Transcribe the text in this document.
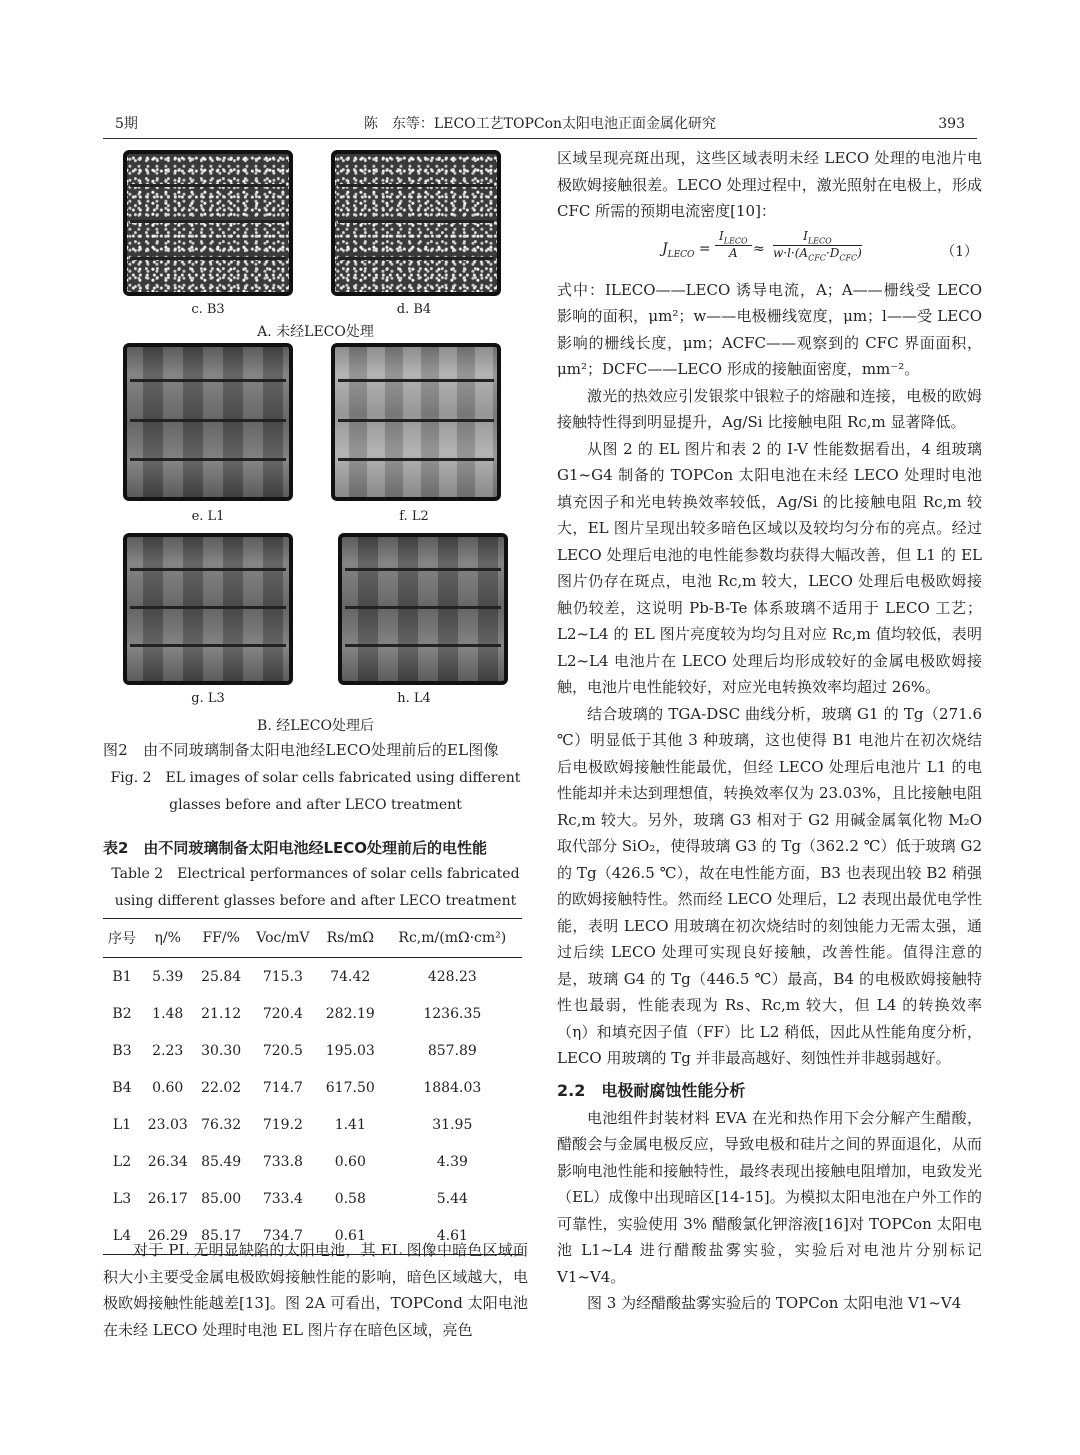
5期	陈　东等：LECO工艺TOPCon太阳电池正面金属化研究	393
c. B3	d. B4
A. 未经LECO处理
e. L1	f. L2
g. L3	h. L4
B. 经LECO处理后
图2　由不同玻璃制备太阳电池经LECO处理前后的EL图像
Fig. 2　EL images of solar cells fabricated using different glasses before and after LECO treatment
表2　由不同玻璃制备太阳电池经LECO处理前后的电性能
Table 2　Electrical performances of solar cells fabricated using different glasses before and after LECO treatment
序号	η/%	FF/%	Voc/mV	Rs/mΩ	Rc,m/(mΩ·cm²)
B1	5.39	25.84	715.3	74.42	428.23
B2	1.48	21.12	720.4	282.19	1236.35
B3	2.23	30.30	720.5	195.03	857.89
B4	0.60	22.02	714.7	617.50	1884.03
L1	23.03	76.32	719.2	1.41	31.95
L2	26.34	85.49	733.8	0.60	4.39
L3	26.17	85.00	733.4	0.58	5.44
L4	26.29	85.17	734.7	0.61	4.61
对于 PL 无明显缺陷的太阳电池，其 EL 图像中暗色区域面积大小主要受金属电极欧姆接触性能的影响，暗色区域越大，电极欧姆接触性能越差[13]。图 2A 可看出，TOPCond 太阳电池在未经 LECO 处理时电池 EL 图片存在暗色区域，亮色
区域呈现亮斑出现，这些区域表明未经 LECO 处理的电池片电极欧姆接触很差。LECO 处理过程中，激光照射在电极上，形成 CFC 所需的预期电流密度[10]：
$J_{LECO}$ =
$I_{LECO}$
A	≈
$I_{LECO}$
$w\cdot l\cdot(A_{CFC}\cdot D_{CFC})$	（1）
式中：ILECO——LECO 诱导电流，A；A——栅线受 LECO 影响的面积，μm²；w——电极栅线宽度，μm；l——受 LECO 影响的栅线长度，μm；ACFC——观察到的 CFC 界面面积，μm²；DCFC——LECO 形成的接触面密度，mm⁻²。
激光的热效应引发银浆中银粒子的熔融和连接，电极的欧姆接触特性得到明显提升，Ag/Si 比接触电阻 Rc,m 显著降低。
从图 2 的 EL 图片和表 2 的 I-V 性能数据看出，4 组玻璃 G1~G4 制备的 TOPCon 太阳电池在未经 LECO 处理时电池填充因子和光电转换效率较低，Ag/Si 的比接触电阻 Rc,m 较大，EL 图片呈现出较多暗色区域以及较均匀分布的亮点。经过 LECO 处理后电池的电性能参数均获得大幅改善，但 L1 的 EL 图片仍存在斑点，电池 Rc,m 较大，LECO 处理后电极欧姆接触仍较差，这说明 Pb-B-Te 体系玻璃不适用于 LECO 工艺；L2~L4 的 EL 图片亮度较为均匀且对应 Rc,m 值均较低，表明 L2~L4 电池片在 LECO 处理后均形成较好的金属电极欧姆接触，电池片电性能较好，对应光电转换效率均超过 26%。
结合玻璃的 TGA-DSC 曲线分析，玻璃 G1 的 Tg（271.6 ℃）明显低于其他 3 种玻璃，这也使得 B1 电池片在初次烧结后电极欧姆接触性能最优，但经 LECO 处理后电池片 L1 的电性能却并未达到理想值，转换效率仅为 23.03%，且比接触电阻 Rc,m 较大。另外，玻璃 G3 相对于 G2 用碱金属氧化物 M₂O 取代部分 SiO₂，使得玻璃 G3 的 Tg（362.2 ℃）低于玻璃 G2 的 Tg（426.5 ℃），故在电性能方面，B3 也表现出较 B2 稍强的欧姆接触特性。然而经 LECO 处理后，L2 表现出最优电学性能，表明 LECO 用玻璃在初次烧结时的刻蚀能力无需太强，通过后续 LECO 处理可实现良好接触，改善性能。值得注意的是，玻璃 G4 的 Tg（446.5 ℃）最高，B4 的电极欧姆接触特性也最弱，性能表现为 Rs、Rc,m 较大，但 L4 的转换效率（η）和填充因子值（FF）比 L2 稍低，因此从性能角度分析，LECO 用玻璃的 Tg 并非最高越好、刻蚀性并非越弱越好。
2.2　电极耐腐蚀性能分析
电池组件封装材料 EVA 在光和热作用下会分解产生醋酸，醋酸会与金属电极反应，导致电极和硅片之间的界面退化，从而影响电池性能和接触特性，最终表现出接触电阻增加，电致发光（EL）成像中出现暗区[14-15]。为模拟太阳电池在户外工作的可靠性，实验使用 3% 醋酸氯化钾溶液[16]对 TOPCon 太阳电池 L1~L4 进行醋酸盐雾实验，实验后对电池片分别标记 V1~V4。
图 3 为经醋酸盐雾实验后的 TOPCon 太阳电池 V1~V4
